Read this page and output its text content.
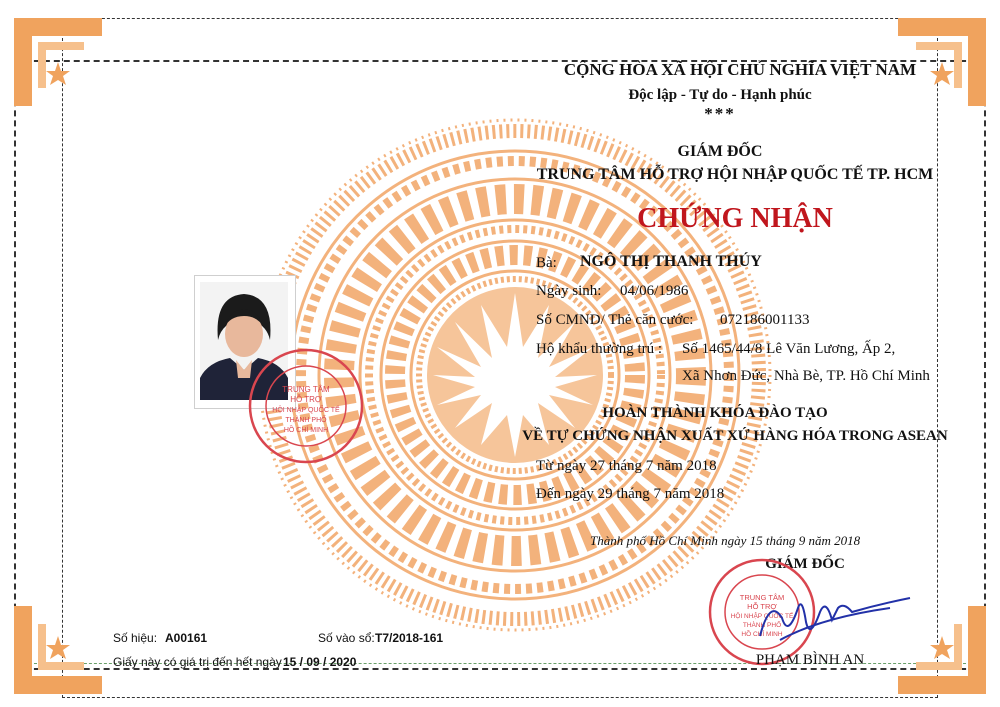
TRUNG TÂM
HỖ TRỢ
HỘI NHẬP QUỐC TẾ
THÀNH PHỐ
HỒ CHÍ MINH
CỘNG HÒA XÃ HỘI CHỦ NGHĨA VIỆT NAM
Độc lập - Tự do - Hạnh phúc
***
GIÁM ĐỐC
TRUNG TÂM HỖ TRỢ HỘI NHẬP QUỐC TẾ TP. HCM
CHỨNG NHẬN
Bà: NGÔ THỊ THANH THÚY
Ngày sinh: 04/06/1986
Số CMND/ Thẻ căn cước: 072186001133
Hộ khẩu thường trú : Số 1465/44/8 Lê Văn Lương, Ấp 2,
Xã Nhơn Đức, Nhà Bè, TP. Hồ Chí Minh
HOÀN THÀNH KHÓA ĐÀO TẠO
VỀ TỰ CHỨNG NHẬN XUẤT XỨ HÀNG HÓA TRONG ASEAN
Từ ngày 27 tháng 7 năm 2018
Đến ngày 29 tháng 7 năm 2018
Thành phố Hồ Chí Minh ngày 15 tháng 9 năm 2018
GIÁM ĐỐC
TRUNG TÂM
HỖ TRỢ
HỘI NHẬP QUỐC TẾ
THÀNH PHỐ
HỒ CHÍ MINH
PHẠM BÌNH AN
Số hiệu: A00161	Số vào sổ: T7/2018-161
Giấy này có giá trị đến hết ngày 15 / 09 / 2020
